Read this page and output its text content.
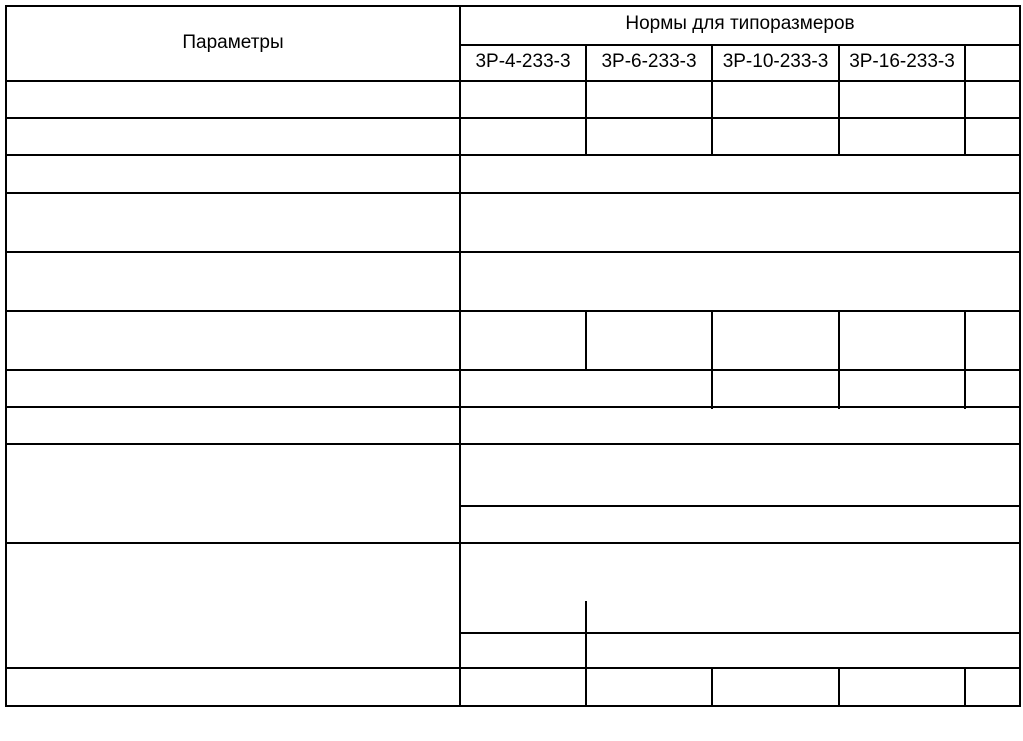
Параметры
Нормы для типоразмеров
3Р-4-233-3	3Р-6-233-3	3Р-10-233-3	3Р-16-233-3
